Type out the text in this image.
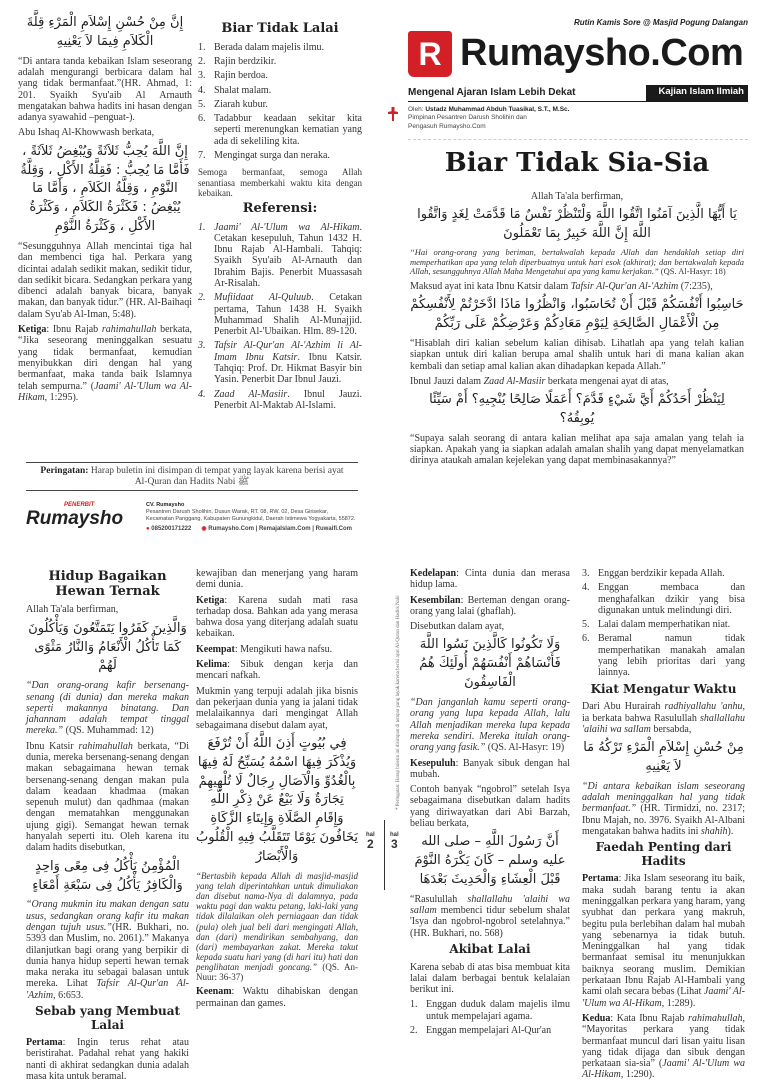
إِنَّ مِنْ حُسْنِ إِسْلاَمِ الْمَرْءِ قِلَّةَ الْكَلاَمِ فِيمَا لاَ يَعْنِيهِ

“Di antara tanda kebaikan Islam seseorang adalah mengurangi berbicara dalam hal yang tidak bermanfaat.”(HR. Ahmad, 1: 201. Syaikh Syu'aib Al Arnauth mengatakan bahwa hadits ini hasan dengan adanya syawahid –penguat-).

Abu Ishaq Al-Khowwash berkata,

إِنَّ اللَّهَ يُحِبُّ ثَلاَثَةً وَيُبْغِضُ ثَلاَثَةً ، فَأَمَّا مَا يُحِبُّ : فَقِلَّةُ الأَكْلِ ، وَقِلَّةُ النَّوْمِ ، وَقِلَّةُ الكَلاَمِ ، وَأَمَّا مَا يُبْغِضُ : فَكَثْرَةُ الكَلاَمِ ، وَكَثْرَةُ الأَكْلِ ، وَكَثْرَةُ النَّوْمِ

“Sesungguhnya Allah mencintai tiga hal dan membenci tiga hal. Perkara yang dicintai adalah sedikit makan, sedikit tidur, dan sedikit bicara. Sedangkan perkara yang dibenci adalah banyak bicara, banyak makan, dan banyak tidur.” (HR. Al-Baihaqi dalam Syu'ab Al-Iman, 5:48).

Ketiga: Ibnu Rajab rahimahullah berkata, “Jika seseorang meninggalkan sesuatu yang tidak bermanfaat, kemudian menyibukkan diri dengan hal yang bermanfaat, maka tanda baik Islamnya telah sempurna.” (Jaami' Al-'Ulum wa Al-Hikam, 1:295).

Biar Tidak Lalai
1. Berada dalam majelis ilmu.
2. Rajin berdzikir.
3. Rajin berdoa.
4. Shalat malam.
5. Ziarah kubur.
6. Tadabbur keadaan sekitar kita seperti merenungkan kematian yang ada di sekeliling kita.
7. Mengingat surga dan neraka.

Semoga bermanfaat, semoga Allah senantiasa memberkahi waktu kita dengan kebaikan.

Referensi:
1. Jaami' Al-'Ulum wa Al-Hikam. Cetakan kesepuluh, Tahun 1432 H. Ibnu Rajab Al-Hambali. Tahqiq: Syaikh Syu'aib Al-Arnauth dan Ibrahim Bajis. Penerbit Muassasah Ar-Risalah.
2. Mufiidaat Al-Quluub. Cetakan pertama, Tahun 1438 H. Syaikh Muhammad Shalih Al-Munajjid. Penerbit Al-'Ubaikan. Hlm. 89-120.
3. Tafsir Al-Qur'an Al-'Azhim li Al-Imam Ibnu Katsir. Ibnu Katsir. Tahqiq: Prof. Dr. Hikmat Basyir bin Yasin. Penerbit Dar Ibnul Jauzi.
4. Zaad Al-Masiir. Ibnul Jauzi. Penerbit Al-Maktab Al-Islami.
Rutin Kamis Sore @ Masjid Pogung Dalangan
R Rumaysho.Com
Mengenal Ajaran Islam Lebih Dekat	Kajian Islam Ilmiah
Oleh: Ustadz Muhammad Abduh Tuasikal, S.T., M.Sc.
Pimpinan Pesantren Darush Sholihin dan
Pengasuh Rumaysho.Com
Biar Tidak Sia-Sia

Allah Ta'ala berfirman,

يَا أَيُّهَا الَّذِينَ آمَنُوا اتَّقُوا اللَّهَ وَلْتَنْظُرْ نَفْسٌ مَا قَدَّمَتْ لِغَدٍ وَاتَّقُوا اللَّهَ إِنَّ اللَّهَ خَبِيرٌ بِمَا تَعْمَلُونَ

“Hai orang-orang yang beriman, bertakwalah kepada Allah dan hendaklah setiap diri memperhatikan apa yang telah diperbuatnya untuk hari esok (akhirat); dan bertakwalah kepada Allah, sesungguhnya Allah Maha Mengetahui apa yang kamu kerjakan.” (QS. Al-Hasyr: 18)

Maksud ayat ini kata Ibnu Katsir dalam Tafsir Al-Qur'an Al-'Azhim (7:235),

حَاسِبُوا أَنْفُسَكُمْ قَبْلَ أَنْ تُحَاسَبُوا، وَانْظُرُوا مَاذَا ادَّخَرْتُمْ لِأَنْفُسِكُمْ مِنَ الْأَعْمَالِ الصَّالِحَةِ لِيَوْمِ مَعَادِكُمْ وَعَرْضِكُمْ عَلَى رَبِّكُمْ

“Hisablah diri kalian sebelum kalian dihisab. Lihatlah apa yang telah kalian siapkan untuk diri kalian berupa amal shalih untuk hari di mana kalian akan kembali dan setiap amal kalian akan dihadapkan kepada Allah.”

Ibnul Jauzi dalam Zaad Al-Masiir berkata mengenai ayat di atas,

لِيَنْظُرْ أَحَدُكُمْ أَيَّ شَيْءٍ قَدَّمَ؟ أَعَمَلًا صَالِحًا يُنْجِيهِ؟ أَمْ سَيِّئًا يُوبِقُهُ؟

“Supaya salah seorang di antara kalian melihat apa saja amalan yang telah ia siapkan. Apakah yang ia siapkan adalah amalan shalih yang dapat menyelamatkan dirinya ataukah amalan kejelekan yang dapat membinasakannya?”

Peringatan: Harap buletin ini disimpan di tempat yang layak karena berisi ayat Al-Quran dan Hadits Nabi ﷺ
PENERBIT
Rumaysho
CV. Rumaysho
Pesantren Darush Sholihin, Dusun Warak, RT. 08, RW. 02, Desa Girisekar, Kecamatan Panggang, Kabupaten Gunungkidul, Daerah Istimewa Yogyakarta, 55872.
● 085200171222 ◉ Rumaysho.Com | RemajaIslam.Com | Ruwaifi.Com
Hidup Bagaikan Hewan Ternak

Allah Ta'ala berfirman,

وَالَّذِينَ كَفَرُوا يَتَمَتَّعُونَ وَيَأْكُلُونَ كَمَا تَأْكُلُ الْأَنْعَامُ وَالنَّارُ مَثْوًى لَهُمْ

“Dan orang-orang kafir bersenang-senang (di dunia) dan mereka makan seperti makannya binatang. Dan jahannam adalah tempat tinggal mereka.” (QS. Muhammad: 12)

Ibnu Katsir rahimahullah berkata, “Di dunia, mereka bersenang-senang dengan makan sebagaimana hewan ternak bersenang-senang dengan makan pula dalam keadaan khadmaa (makan sepenuh mulut) dan qadhmaa (makan dengan mematahkan menggunakan ujung gigi). Semangat hewan ternak hanyalah seperti itu. Oleh karena itu dalam hadits disebutkan,

الْمُؤْمِنُ يَأْكُلُ فِى مِعًى وَاحِدٍ وَالْكَافِرُ يَأْكُلُ فِى سَبْعَةِ أَمْعَاءٍ

“Orang mukmin itu makan dengan satu usus, sedangkan orang kafir itu makan dengan tujuh usus.”(HR. Bukhari, no. 5393 dan Muslim, no. 2061).” Makanya dilanjutkan bagi orang yang berpikir di dunia hanya hidup seperti hewan ternak maka neraka itu sebagai balasan untuk mereka. Lihat Tafsir Al-Qur'an Al-'Azhim, 6:653.

Sebab yang Membuat Lalai

Pertama: Ingin terus rehat atau beristirahat. Padahal rehat yang hakiki nanti di akhirat sedangkan dunia adalah masa kita untuk beramal.

kewajiban dan menerjang yang haram demi dunia.

Ketiga: Karena sudah mati rasa terhadap dosa. Bahkan ada yang merasa bahwa dosa yang diterjang adalah suatu kebaikan.

Keempat: Mengikuti hawa nafsu.

Kelima: Sibuk dengan kerja dan mencari nafkah.

Mukmin yang terpuji adalah jika bisnis dan pekerjaan dunia yang ia jalani tidak melalaikannya dari mengingat Allah sebagaimana disebut dalam ayat,

فِي بُيُوتٍ أَذِنَ اللَّهُ أَنْ تُرْفَعَ وَيُذْكَرَ فِيهَا اسْمُهُ يُسَبِّحُ لَهُ فِيهَا بِالْغُدُوِّ وَالْآصَالِ رِجَالٌ لَا تُلْهِيهِمْ تِجَارَةٌ وَلَا بَيْعٌ عَنْ ذِكْرِ اللَّهِ وَإِقَامِ الصَّلَاةِ وَإِيتَاءِ الزَّكَاةِ يَخَافُونَ يَوْمًا تَتَقَلَّبُ فِيهِ الْقُلُوبُ وَالْأَبْصَارُ

“Bertasbih kepada Allah di masjid-masjid yang telah diperintahkan untuk dimuliakan dan disebut nama-Nya di dalamnya, pada waktu pagi dan waktu petang, laki-laki yang tidak dilalaikan oleh perniagaan dan tidak (pula) oleh jual beli dari mengingati Allah, dan (dari) mendirikan sembahyang, dan (dari) membayarkan zakat. Mereka takut kepada suatu hari yang (di hari itu) hati dan penglihatan menjadi goncang.” (QS. An-Nuur: 36-37)

Keenam: Waktu dihabiskan dengan permainan dan games.

hal
2
hal
3
* Peringatan: Harap buletin ini disimpan di tempat yang layak karena berisi ayat Al-Quran dan Hadits Nabi

Kedelapan: Cinta dunia dan merasa hidup lama.

Kesembilan: Berteman dengan orang-orang yang lalai (ghaflah).

Disebutkan dalam ayat,

وَلَا تَكُونُوا كَالَّذِينَ نَسُوا اللَّهَ فَأَنْسَاهُمْ أَنْفُسَهُمْ أُولَئِكَ هُمُ الْفَاسِقُونَ

“Dan janganlah kamu seperti orang-orang yang lupa kepada Allah, lalu Allah menjadikan mereka lupa kepada mereka sendiri. Mereka itulah orang-orang yang fasik.” (QS. Al-Hasyr: 19)

Kesepuluh: Banyak sibuk dengan hal mubah.

Contoh banyak “ngobrol” setelah Isya sebagaimana disebutkan dalam hadits yang diriwayatkan dari Abi Barzah, beliau berkata,

أَنَّ رَسُولَ اللَّهِ – صلى الله عليه وسلم – كَانَ يَكْرَهُ النَّوْمَ قَبْلَ الْعِشَاءِ وَالْحَدِيثَ بَعْدَهَا

“Rasulullah shallallahu 'alaihi wa sallam membenci tidur sebelum shalat 'Isya dan ngobrol-ngobrol setelahnya.” (HR. Bukhari, no. 568)

Akibat Lalai

Karena sebab di atas bisa membuat kita lalai dalam berbagai bentuk kelalaian berikut ini.

1. Enggan duduk dalam majelis ilmu untuk mempelajari agama.
2. Enggan mempelajari Al-Qur'an
3. Enggan berdzikir kepada Allah.
4. Enggan membaca dan menghafalkan dzikir yang bisa digunakan untuk melindungi diri.
5. Lalai dalam memperhatikan niat.
6. Beramal namun tidak memperhatikan manakah amalan yang lebih prioritas dari yang lainnya.
Kiat Mengatur Waktu

Dari Abu Hurairah radhiyallahu 'anhu, ia berkata bahwa Rasulullah shallallahu 'alaihi wa sallam bersabda,

مِنْ حُسْنِ إِسْلاَمِ الْمَرْءِ تَرْكُهُ مَا لاَ يَعْنِيهِ

“Di antara kebaikan islam seseorang adalah meninggalkan hal yang tidak bermanfaat.” (HR. Tirmidzi, no. 2317; Ibnu Majah, no. 3976. Syaikh Al-Albani mengatakan bahwa hadits ini shahih).

Faedah Penting dari Hadits

Pertama: Jika Islam seseorang itu baik, maka sudah barang tentu ia akan meninggalkan perkara yang haram, yang syubhat dan perkara yang makruh, begitu pula berlebihan dalam hal mubah yang sebenarnya ia tidak butuh. Meninggalkan hal yang tidak bermanfaat semisal itu menunjukkan baiknya seorang muslim. Demikian perkataan Ibnu Rajab Al-Hambali yang kami olah secara bebas (Lihat Jaami' Al-'Ulum wa Al-Hikam, 1:289).

Kedua: Kata Ibnu Rajab rahimahullah, “Mayoritas perkara yang tidak bermanfaat muncul dari lisan yaitu lisan yang tidak dijaga dan sibuk dengan perkataan sia-sia” (Jaami' Al-'Ulum wa Al-Hikam, 1:290).
